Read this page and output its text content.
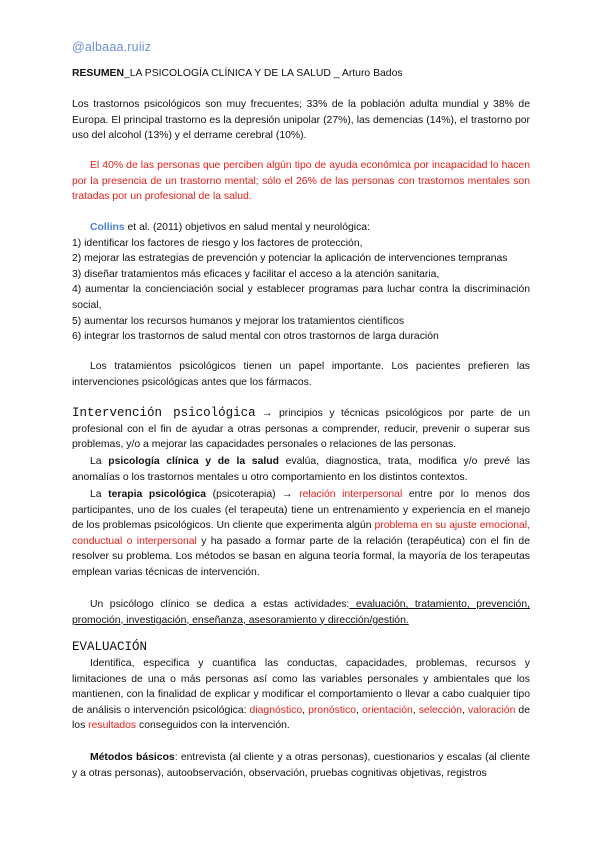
@albaaa.ruiiz

RESUMEN_LA PSICOLOGÍA CLÍNICA Y DE LA SALUD _ Arturo Bados

Los trastornos psicológicos son muy frecuentes; 33% de la población adulta mundial y 38% de Europa. El principal trastorno es la depresión unipolar (27%), las demencias (14%), el trastorno por uso del alcohol (13%) y el derrame cerebral (10%).

El 40% de las personas que perciben algún tipo de ayuda económica por incapacidad lo hacen por la presencia de un trastorno mental; sólo el 26% de las personas con trastornos mentales son tratadas por un profesional de la salud.

Collins et al. (2011) objetivos en salud mental y neurológica:
1) identificar los factores de riesgo y los factores de protección,
2) mejorar las estrategias de prevención y potenciar la aplicación de intervenciones tempranas
3) diseñar tratamientos más eficaces y facilitar el acceso a la atención sanitaria,
4) aumentar la concienciación social y establecer programas para luchar contra la discriminación social,
5) aumentar los recursos humanos y mejorar los tratamientos científicos
6) integrar los trastornos de salud mental con otros trastornos de larga duración

Los tratamientos psicológicos tienen un papel importante. Los pacientes prefieren las intervenciones psicológicas antes que los fármacos.

Intervención psicológica → principios y técnicas psicológicos por parte de un profesional con el fin de ayudar a otras personas a comprender, reducir, prevenir o superar sus problemas, y/o a mejorar las capacidades personales o relaciones de las personas.

La psicología clínica y de la salud evalúa, diagnostica, trata, modifica y/o prevé las anomalías o los trastornos mentales u otro comportamiento en los distintos contextos.

La terapia psicológica (psicoterapia) → relación interpersonal entre por lo menos dos participantes, uno de los cuales (el terapeuta) tiene un entrenamiento y experiencia en el manejo de los problemas psicológicos. Un cliente que experimenta algún problema en su ajuste emocional, conductual o interpersonal y ha pasado a formar parte de la relación (terapéutica) con el fin de resolver su problema. Los métodos se basan en alguna teoría formal, la mayoría de los terapeutas emplean varias técnicas de intervención.

Un psicólogo clínico se dedica a estas actividades: evaluación, tratamiento, prevención, promoción, investigación, enseñanza, asesoramiento y dirección/gestión.

EVALUACIÓN

Identifica, especifica y cuantifica las conductas, capacidades, problemas, recursos y limitaciones de una o más personas así como las variables personales y ambientales que los mantienen, con la finalidad de explicar y modificar el comportamiento o llevar a cabo cualquier tipo de análisis o intervención psicológica: diagnóstico, pronóstico, orientación, selección, valoración de los resultados conseguidos con la intervención.

Métodos básicos: entrevista (al cliente y a otras personas), cuestionarios y escalas (al cliente y a otras personas), autoobservación, observación, pruebas cognitivas objetivas, registros
